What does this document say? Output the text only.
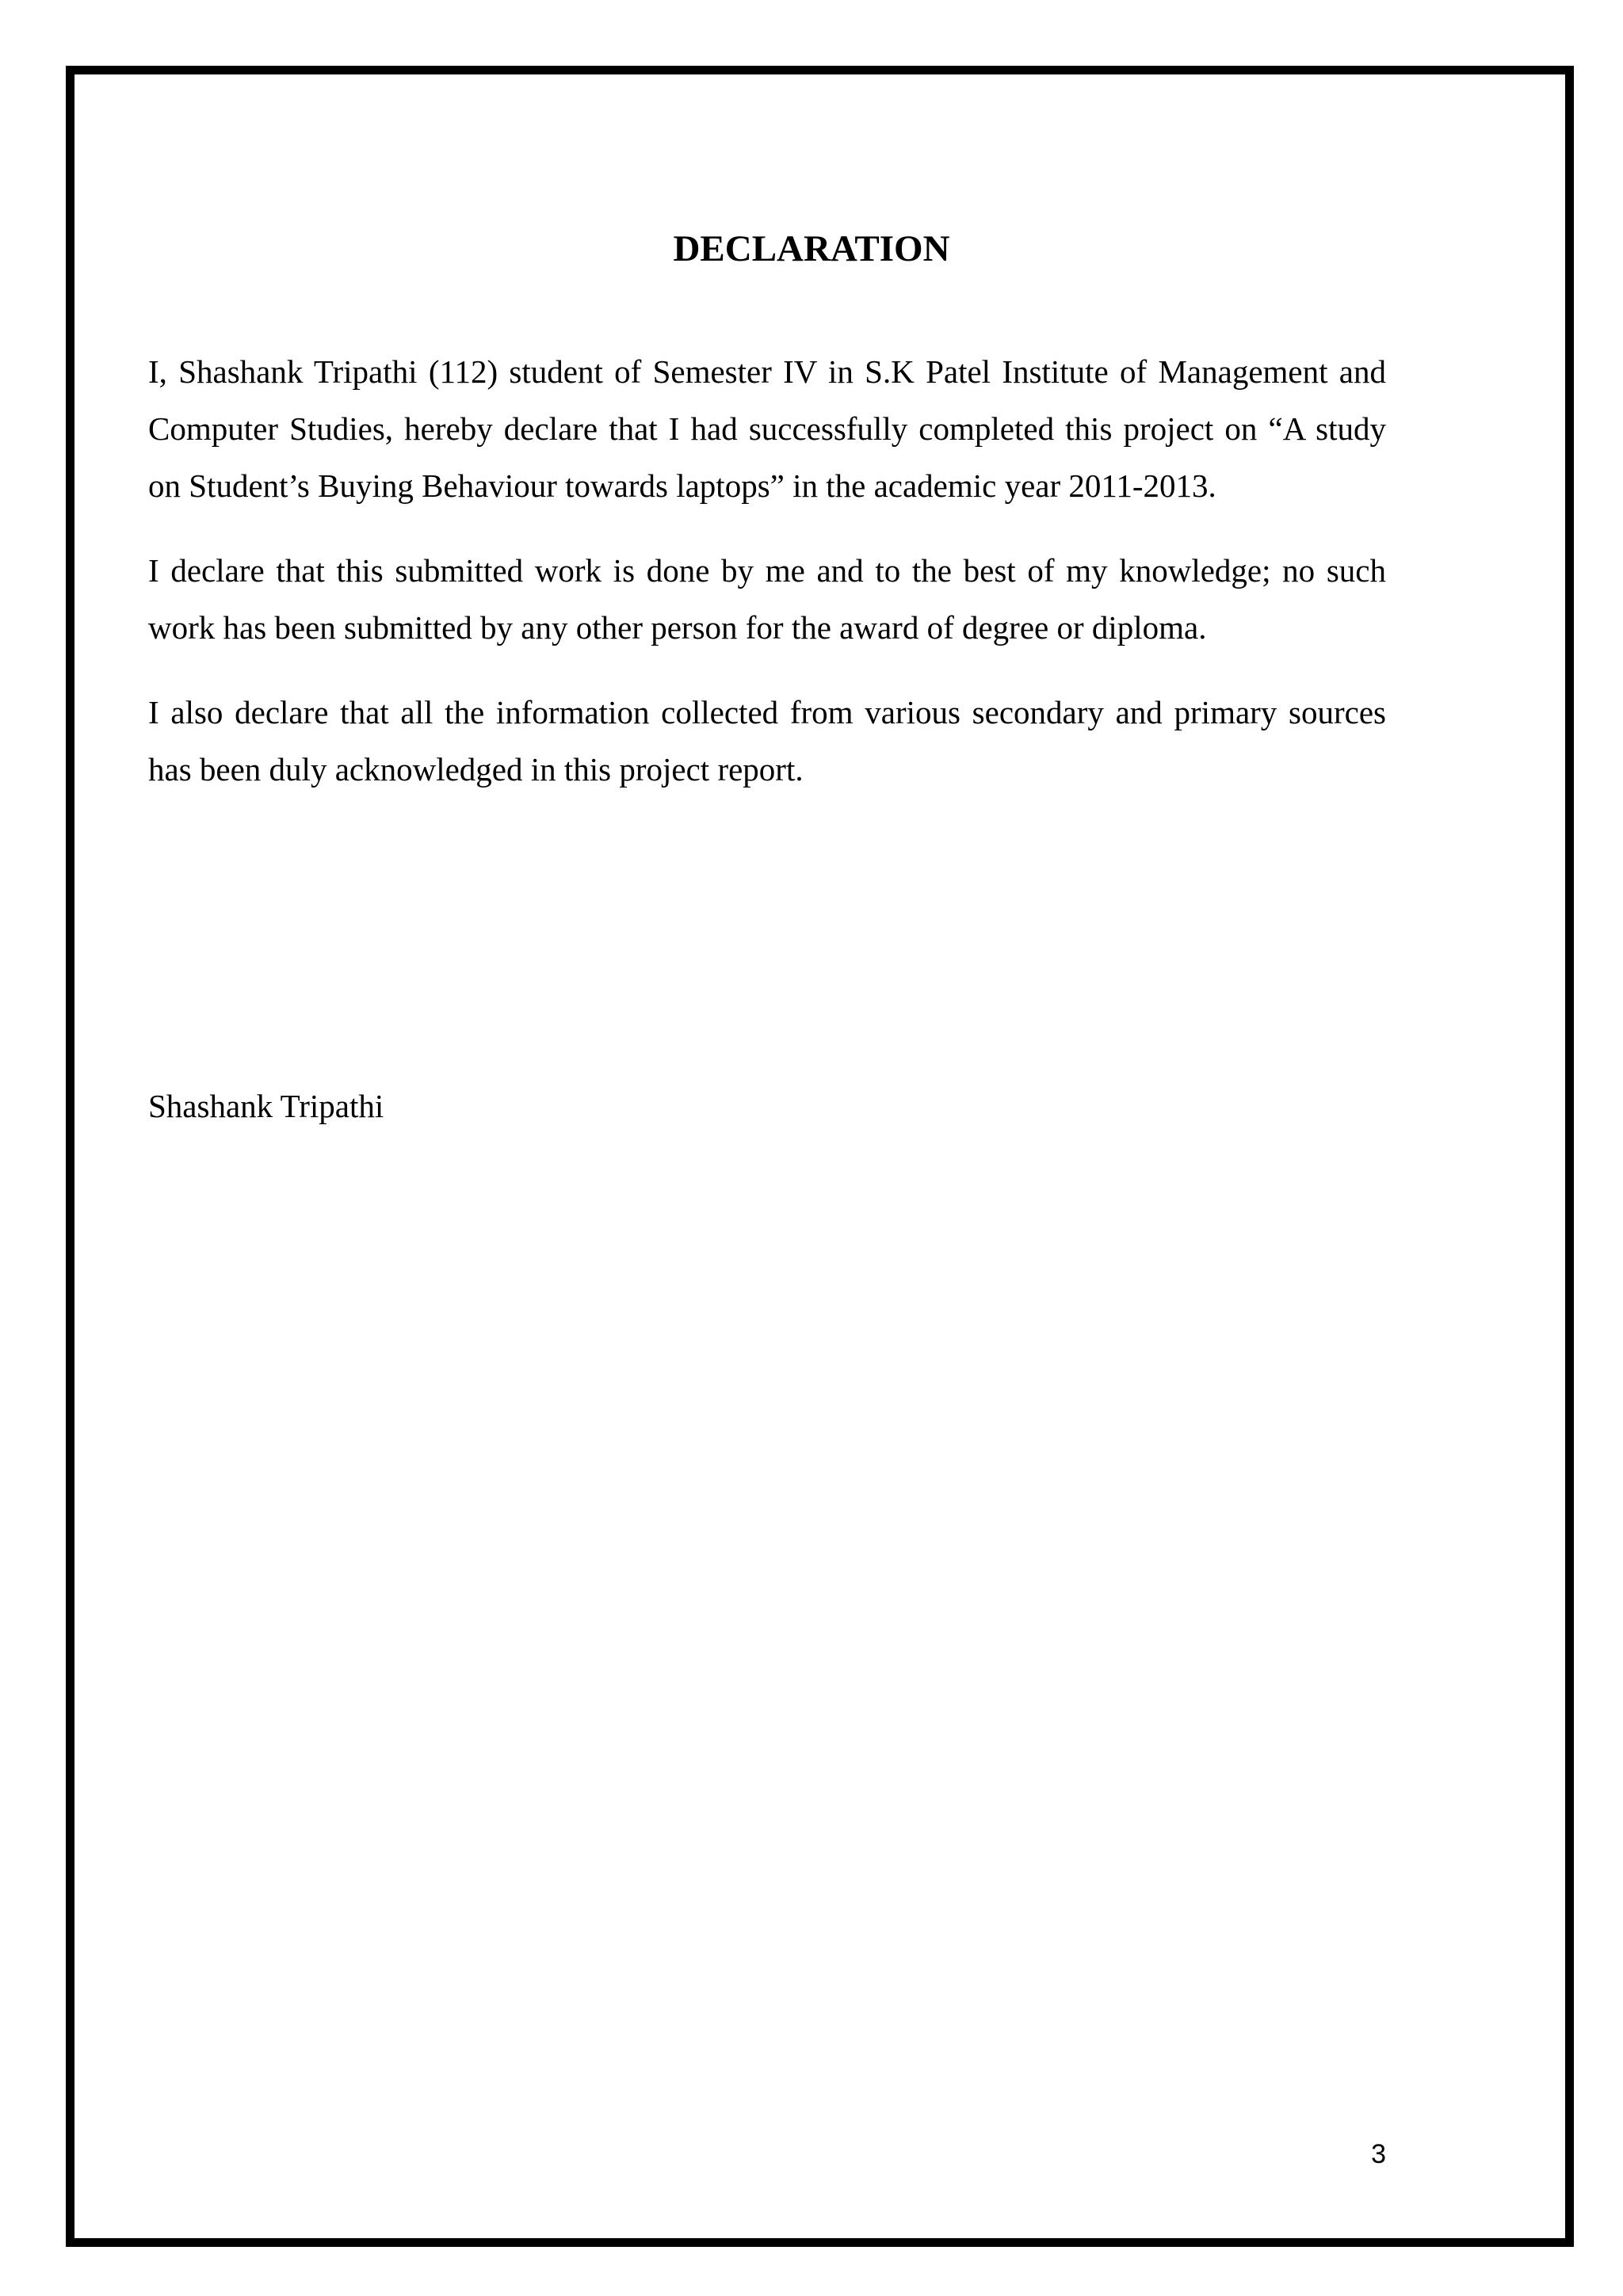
DECLARATION

I, Shashank Tripathi (112) student of Semester IV in S.K Patel Institute of Management and Computer Studies, hereby declare that I had successfully completed this project on “A study on Student’s Buying Behaviour towards laptops” in the academic year 2011-2013.

I declare that this submitted work is done by me and to the best of my knowledge; no such work has been submitted by any other person for the award of degree or diploma.

I also declare that all the information collected from various secondary and primary sources has been duly acknowledged in this project report.

Shashank Tripathi

3
